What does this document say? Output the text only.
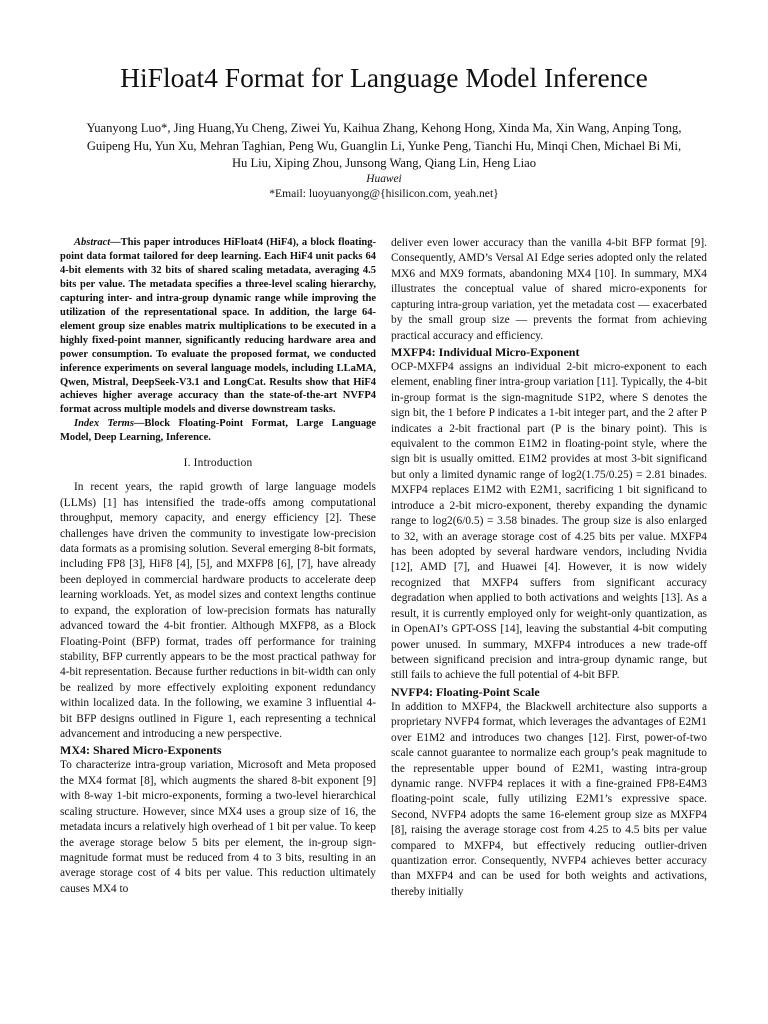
HiFloat4 Format for Language Model Inference

Yuanyong Luo*, Jing Huang,Yu Cheng, Ziwei Yu, Kaihua Zhang, Kehong Hong, Xinda Ma, Xin Wang, Anping Tong, Guipeng Hu, Yun Xu, Mehran Taghian, Peng Wu, Guanglin Li, Yunke Peng, Tianchi Hu, Minqi Chen, Michael Bi Mi, Hu Liu, Xiping Zhou, Junsong Wang, Qiang Lin, Heng Liao

Huawei

*Email: luoyuanyong@{hisilicon.com, yeah.net}

Abstract—This paper introduces HiFloat4 (HiF4), a block floating-point data format tailored for deep learning. Each HiF4 unit packs 64 4-bit elements with 32 bits of shared scaling metadata, averaging 4.5 bits per value. The metadata specifies a three-level scaling hierarchy, capturing inter- and intra-group dynamic range while improving the utilization of the representational space. In addition, the large 64-element group size enables matrix multiplications to be executed in a highly fixed-point manner, significantly reducing hardware area and power consumption. To evaluate the proposed format, we conducted inference experiments on several language models, including LLaMA, Qwen, Mistral, DeepSeek-V3.1 and LongCat. Results show that HiF4 achieves higher average accuracy than the state-of-the-art NVFP4 format across multiple models and diverse downstream tasks.

Index Terms—Block Floating-Point Format, Large Language Model, Deep Learning, Inference.

I. Introduction

In recent years, the rapid growth of large language models (LLMs) [1] has intensified the trade-offs among computational throughput, memory capacity, and energy efficiency [2]. These challenges have driven the community to investigate low-precision data formats as a promising solution. Several emerging 8-bit formats, including FP8 [3], HiF8 [4], [5], and MXFP8 [6], [7], have already been deployed in commercial hardware products to accelerate deep learning workloads. Yet, as model sizes and context lengths continue to expand, the exploration of low-precision formats has naturally advanced toward the 4-bit frontier. Although MXFP8, as a Block Floating-Point (BFP) format, trades off performance for training stability, BFP currently appears to be the most practical pathway for 4-bit representation. Because further reductions in bit-width can only be realized by more effectively exploiting exponent redundancy within localized data. In the following, we examine 3 influential 4-bit BFP designs outlined in Figure 1, each representing a technical advancement and introducing a new perspective.

MX4: Shared Micro-Exponents

To characterize intra-group variation, Microsoft and Meta proposed the MX4 format [8], which augments the shared 8-bit exponent [9] with 8-way 1-bit micro-exponents, forming a two-level hierarchical scaling structure. However, since MX4 uses a group size of 16, the metadata incurs a relatively high overhead of 1 bit per value. To keep the average storage below 5 bits per element, the in-group sign-magnitude format must be reduced from 4 to 3 bits, resulting in an average storage cost of 4 bits per value. This reduction ultimately causes MX4 to

deliver even lower accuracy than the vanilla 4-bit BFP format [9]. Consequently, AMD’s Versal AI Edge series adopted only the related MX6 and MX9 formats, abandoning MX4 [10]. In summary, MX4 illustrates the conceptual value of shared micro-exponents for capturing intra-group variation, yet the metadata cost — exacerbated by the small group size — prevents the format from achieving practical accuracy and efficiency.

MXFP4: Individual Micro-Exponent

OCP-MXFP4 assigns an individual 2-bit micro-exponent to each element, enabling finer intra-group variation [11]. Typically, the 4-bit in-group format is the sign-magnitude S1P2, where S denotes the sign bit, the 1 before P indicates a 1-bit integer part, and the 2 after P indicates a 2-bit fractional part (P is the binary point). This is equivalent to the common E1M2 in floating-point style, where the sign bit is usually omitted. E1M2 provides at most 3-bit significand but only a limited dynamic range of log2(1.75/0.25) = 2.81 binades. MXFP4 replaces E1M2 with E2M1, sacrificing 1 bit significand to introduce a 2-bit micro-exponent, thereby expanding the dynamic range to log2(6/0.5) = 3.58 binades. The group size is also enlarged to 32, with an average storage cost of 4.25 bits per value. MXFP4 has been adopted by several hardware vendors, including Nvidia [12], AMD [7], and Huawei [4]. However, it is now widely recognized that MXFP4 suffers from significant accuracy degradation when applied to both activations and weights [13]. As a result, it is currently employed only for weight-only quantization, as in OpenAI’s GPT-OSS [14], leaving the substantial 4-bit computing power unused. In summary, MXFP4 introduces a new trade-off between significand precision and intra-group dynamic range, but still fails to achieve the full potential of 4-bit BFP.

NVFP4: Floating-Point Scale

In addition to MXFP4, the Blackwell architecture also supports a proprietary NVFP4 format, which leverages the advantages of E2M1 over E1M2 and introduces two changes [12]. First, power-of-two scale cannot guarantee to normalize each group’s peak magnitude to the representable upper bound of E2M1, wasting intra-group dynamic range. NVFP4 replaces it with a fine-grained FP8-E4M3 floating-point scale, fully utilizing E2M1’s expressive space. Second, NVFP4 adopts the same 16-element group size as MXFP4 [8], raising the average storage cost from 4.25 to 4.5 bits per value compared to MXFP4, but effectively reducing outlier-driven quantization error. Consequently, NVFP4 achieves better accuracy than MXFP4 and can be used for both weights and activations, thereby initially
